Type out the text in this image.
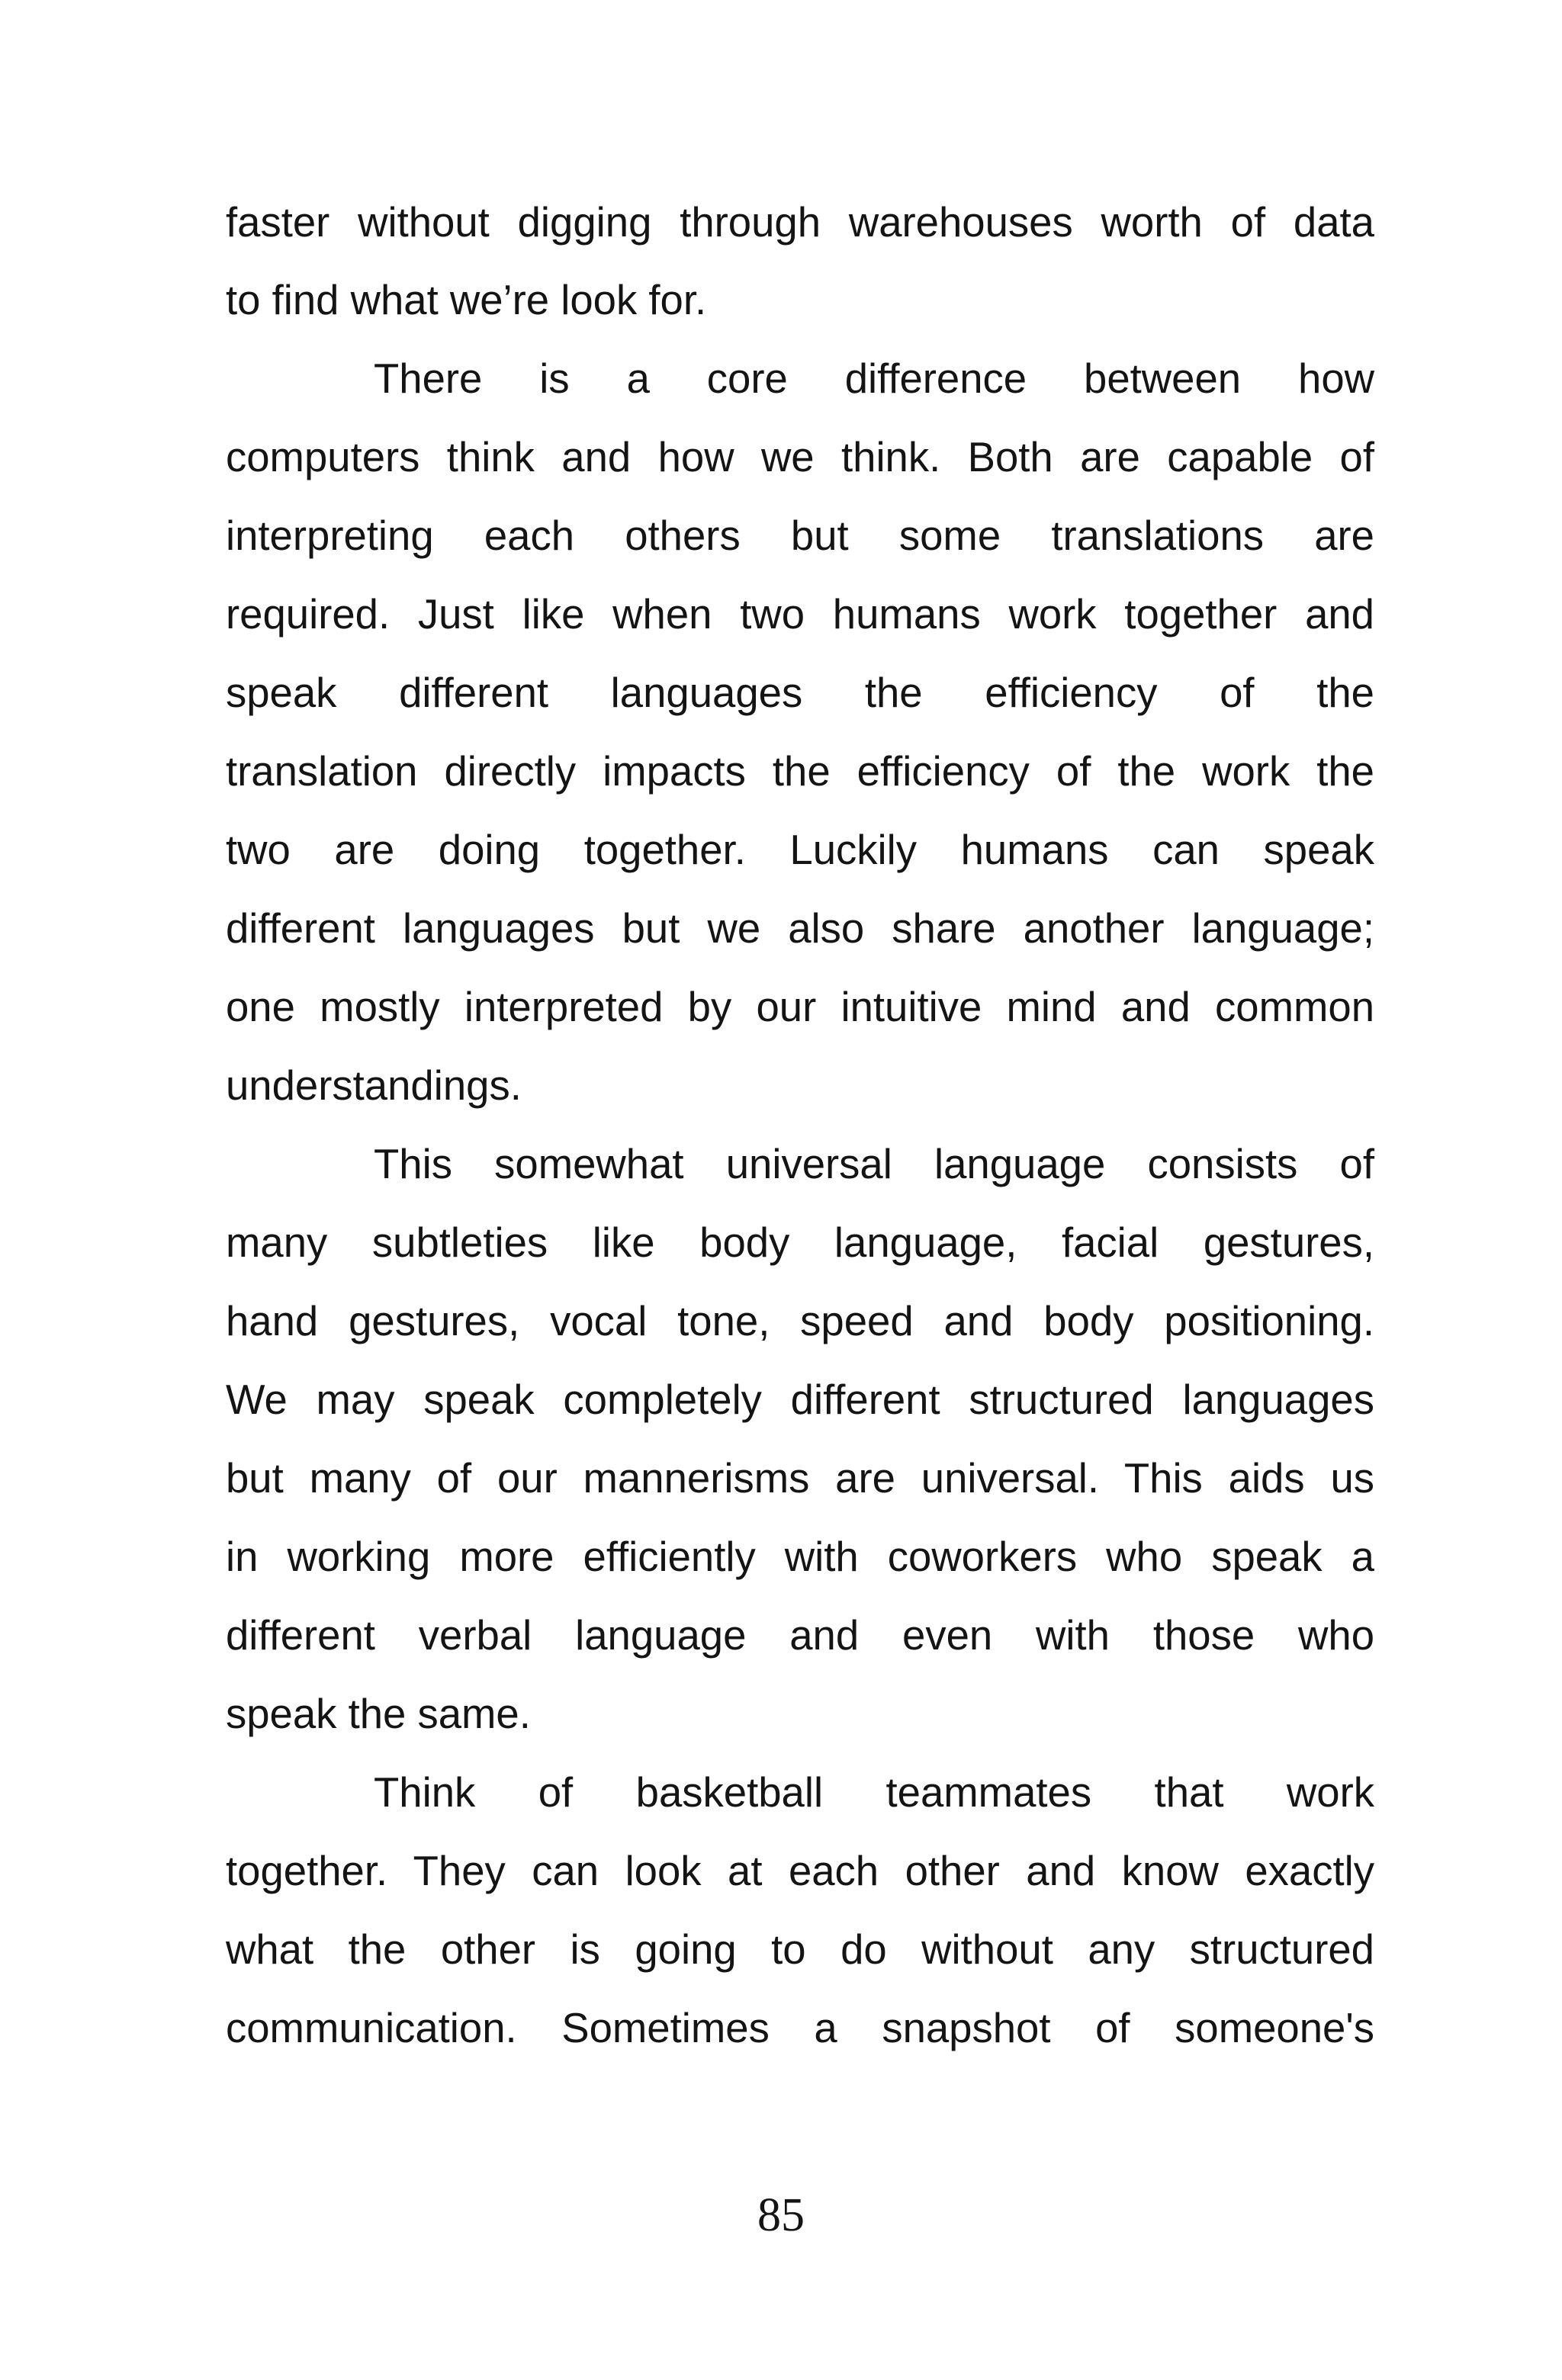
faster without digging through warehouses worth of data
to find what we’re look for.
There is a core difference between how
computers think and how we think. Both are capable of
interpreting each others but some translations are
required. Just like when two humans work together and
speak different languages the efficiency of the
translation directly impacts the efficiency of the work the
two are doing together. Luckily humans can speak
different languages but we also share another language;
one mostly interpreted by our intuitive mind and common
understandings.
This somewhat universal language consists of
many subtleties like body language, facial gestures,
hand gestures, vocal tone, speed and body positioning.
We may speak completely different structured languages
but many of our mannerisms are universal. This aids us
in working more efficiently with coworkers who speak a
different verbal language and even with those who
speak the same.
Think of basketball teammates that work
together. They can look at each other and know exactly
what the other is going to do without any structured
communication. Sometimes a snapshot of someone's
85
